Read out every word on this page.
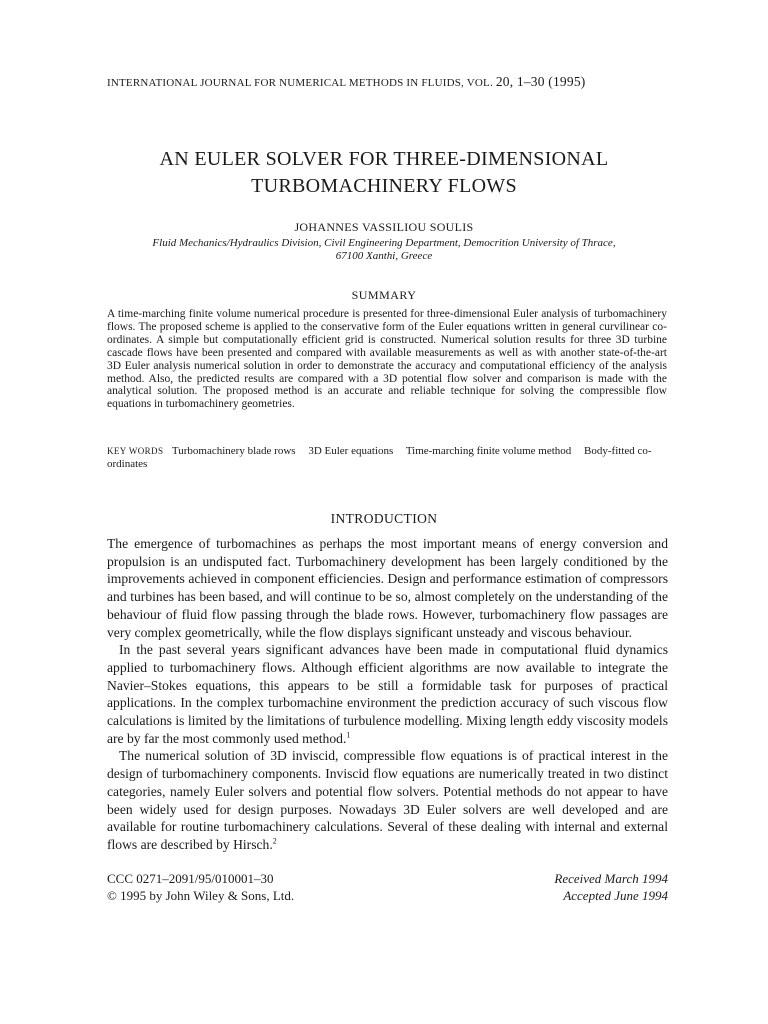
INTERNATIONAL JOURNAL FOR NUMERICAL METHODS IN FLUIDS, VOL. 20, 1–30 (1995)
AN EULER SOLVER FOR THREE-DIMENSIONAL
TURBOMACHINERY FLOWS
JOHANNES VASSILIOU SOULIS
Fluid Mechanics/Hydraulics Division, Civil Engineering Department, Democrition University of Thrace,
67100 Xanthi, Greece
SUMMARY
A time-marching finite volume numerical procedure is presented for three-dimensional Euler analysis of turbomachinery flows. The proposed scheme is applied to the conservative form of the Euler equations written in general curvilinear co-ordinates. A simple but computationally efficient grid is constructed. Numerical solution results for three 3D turbine cascade flows have been presented and compared with available measurements as well as with another state-of-the-art 3D Euler analysis numerical solution in order to demonstrate the accuracy and computational efficiency of the analysis method. Also, the predicted results are compared with a 3D potential flow solver and comparison is made with the analytical solution. The proposed method is an accurate and reliable technique for solving the compressible flow equations in turbomachinery geometries.
KEY WORDS Turbomachinery blade rows 3D Euler equations Time-marching finite volume method Body-fitted co-ordinates
INTRODUCTION

The emergence of turbomachines as perhaps the most important means of energy conversion and propulsion is an undisputed fact. Turbomachinery development has been largely conditioned by the improvements achieved in component efficiencies. Design and performance estimation of compressors and turbines has been based, and will continue to be so, almost completely on the understanding of the behaviour of fluid flow passing through the blade rows. However, turbomachinery flow passages are very complex geometrically, while the flow displays significant unsteady and viscous behaviour.

In the past several years significant advances have been made in computational fluid dynamics applied to turbomachinery flows. Although efficient algorithms are now available to integrate the Navier–Stokes equations, this appears to be still a formidable task for purposes of practical applications. In the complex turbomachine environment the prediction accuracy of such viscous flow calculations is limited by the limitations of turbulence modelling. Mixing length eddy viscosity models are by far the most commonly used method.$^1$

The numerical solution of 3D inviscid, compressible flow equations is of practical interest in the design of turbomachinery components. Inviscid flow equations are numerically treated in two distinct categories, namely Euler solvers and potential flow solvers. Potential methods do not appear to have been widely used for design purposes. Nowadays 3D Euler solvers are well developed and are available for routine turbomachinery calculations. Several of these dealing with internal and external flows are described by Hirsch.$^2$

CCC 0271–2091/95/010001–30
© 1995 by John Wiley & Sons, Ltd.
Received March 1994
Accepted June 1994
